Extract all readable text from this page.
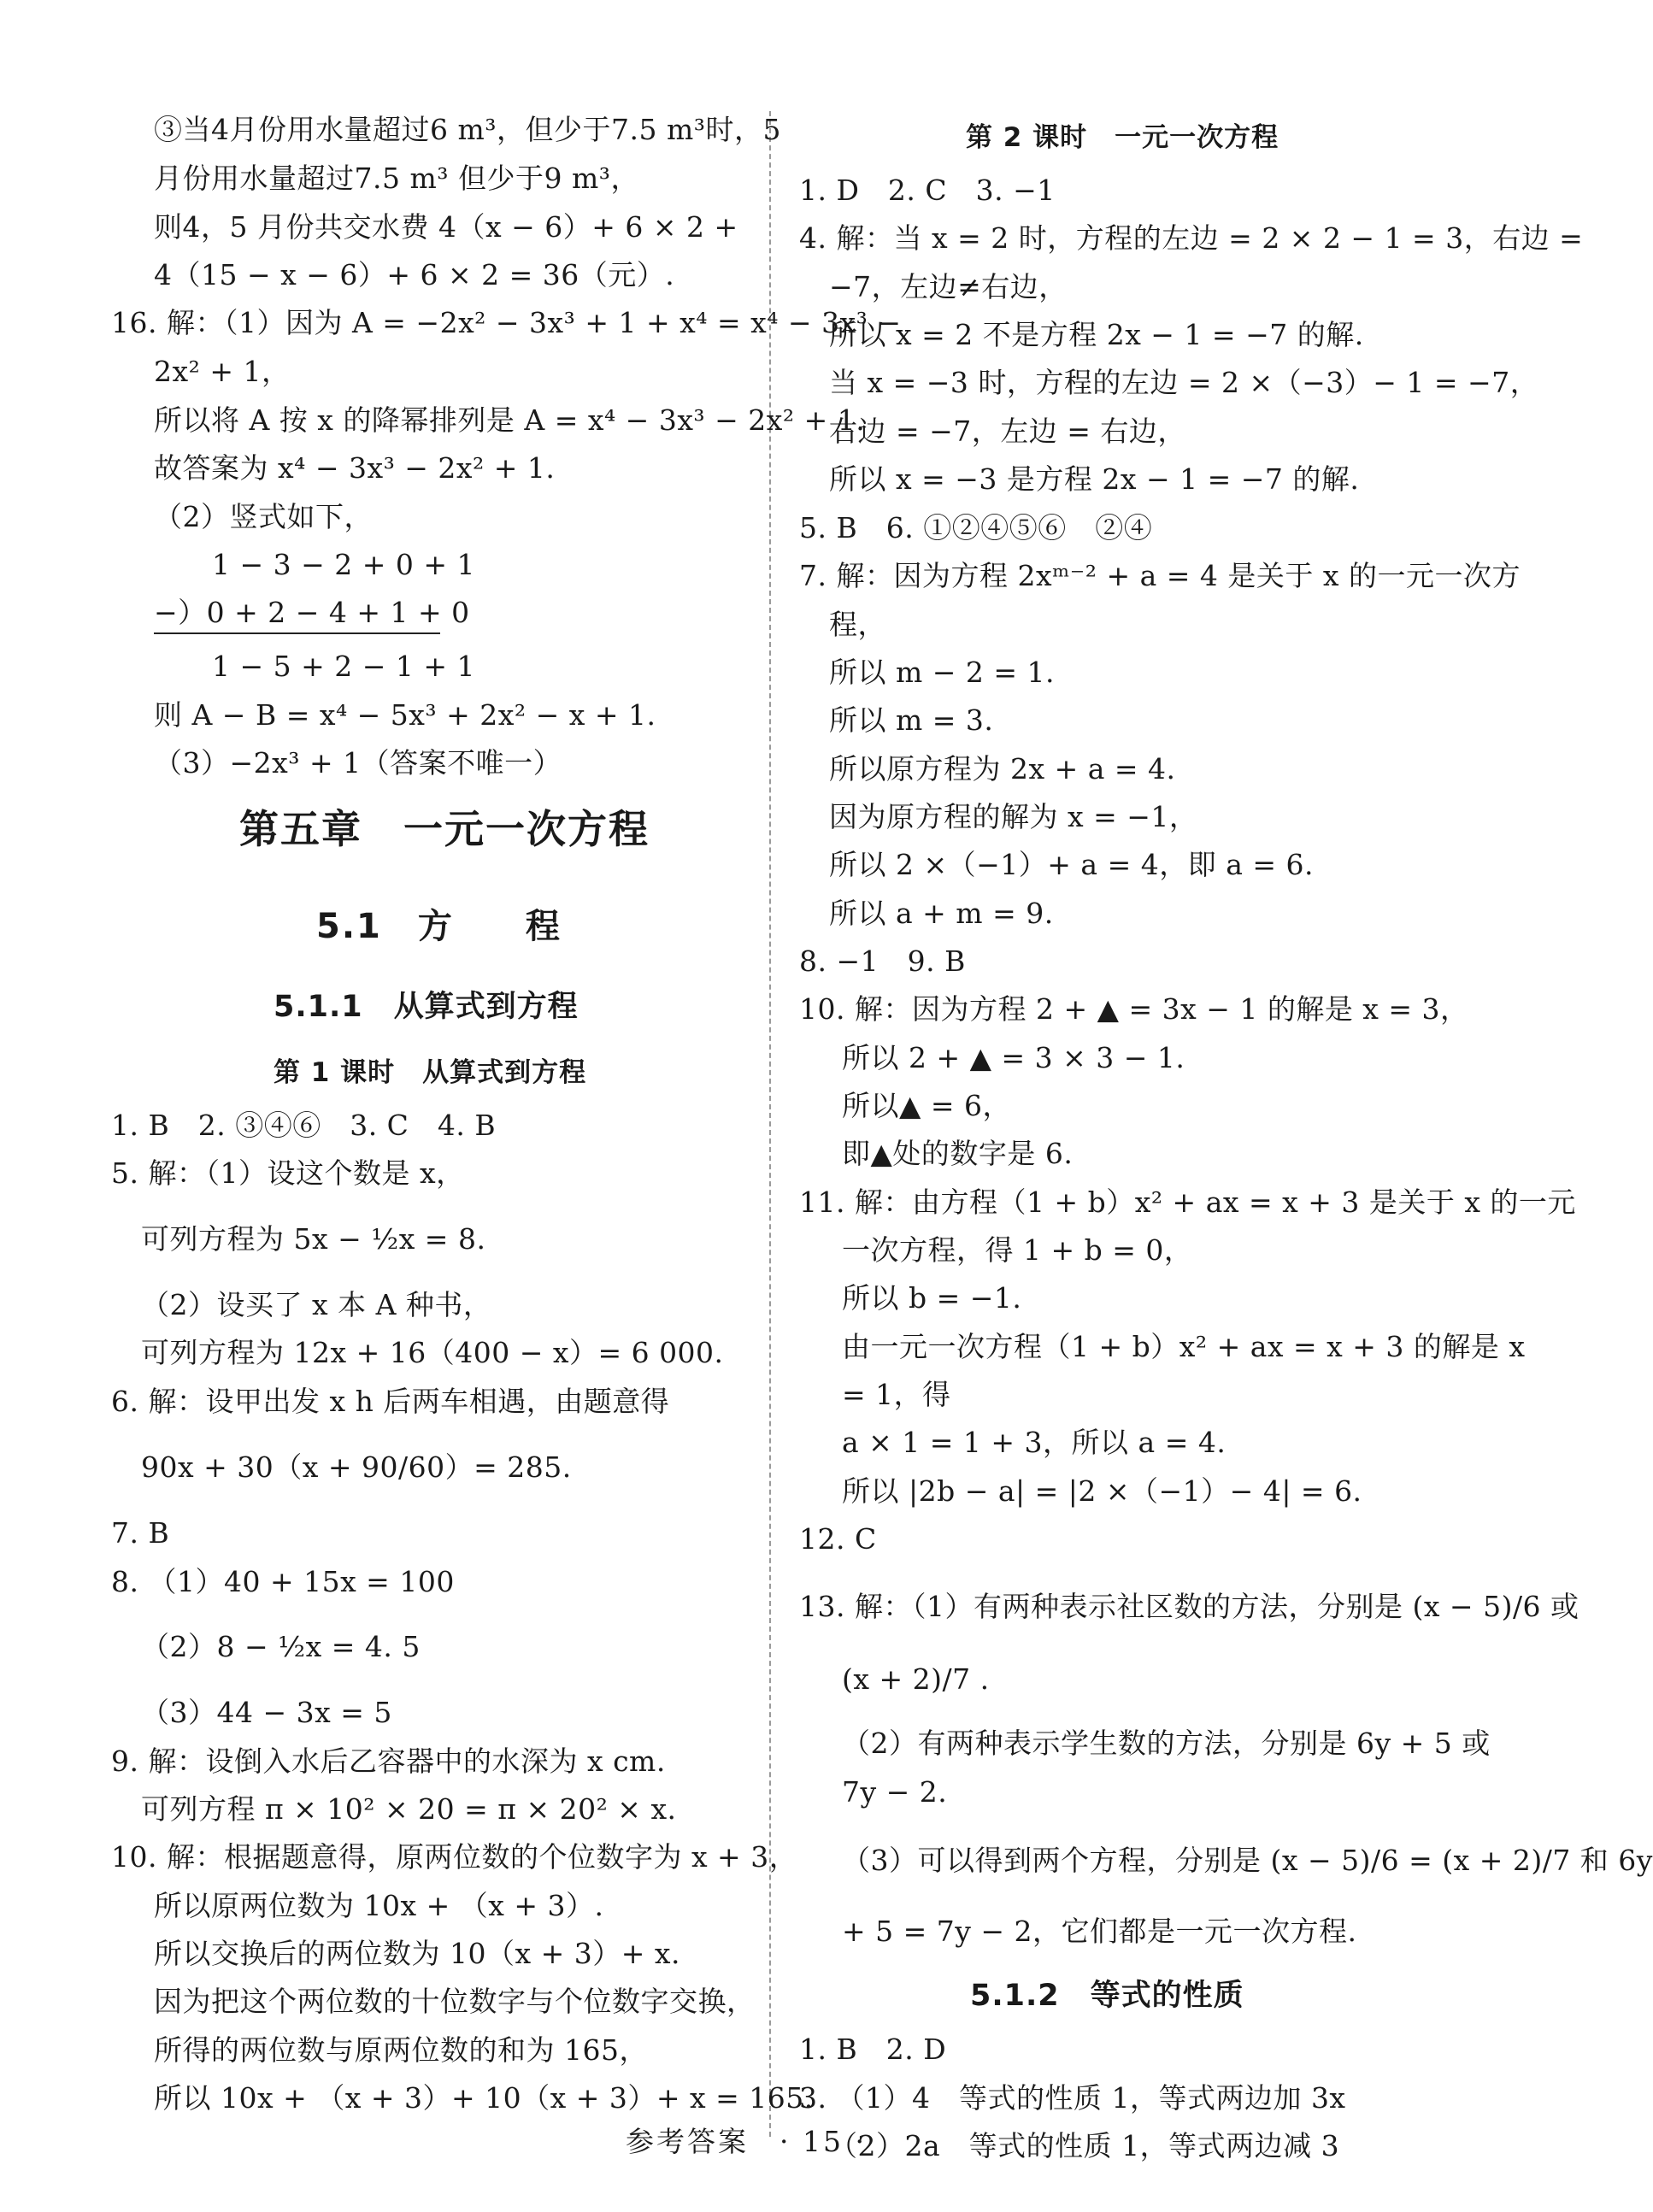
③当4月份用水量超过6 m³，但少于7.5 m³时，5
月份用水量超过7.5 m³ 但少于9 m³，
则4，5 月份共交水费 4（x − 6）+ 6 × 2 +
4（15 − x − 6）+ 6 × 2 = 36（元）.
16. 解：（1）因为 A = −2x² − 3x³ + 1 + x⁴ = x⁴ − 3x³ −
2x² + 1，
所以将 A 按 x 的降幂排列是 A = x⁴ − 3x³ − 2x² + 1.
故答案为 x⁴ − 3x³ − 2x² + 1.
（2）竖式如下，
1 − 3 − 2 + 0 + 1
−）0 + 2 − 4 + 1 + 0
1 − 5 + 2 − 1 + 1
则 A − B = x⁴ − 5x³ + 2x² − x + 1.
（3）−2x³ + 1（答案不唯一）
第五章　一元一次方程
5.1　方　　程
5.1.1　从算式到方程
第 1 课时　从算式到方程
1. B　2. ③④⑥　3. C　4. B
5. 解：（1）设这个数是 x，
可列方程为 5x − ½x = 8.
（2）设买了 x 本 A 种书，
可列方程为 12x + 16（400 − x）= 6 000.
6. 解：设甲出发 x h 后两车相遇，由题意得
90x + 30（x + 90/60）= 285.
7. B
8. （1）40 + 15x = 100
（2）8 − ½x = 4. 5
（3）44 − 3x = 5
9. 解：设倒入水后乙容器中的水深为 x cm.
可列方程 π × 10² × 20 = π × 20² × x.
10. 解：根据题意得，原两位数的个位数字为 x + 3，
所以原两位数为 10x + （x + 3）.
所以交换后的两位数为 10（x + 3）+ x.
因为把这个两位数的十位数字与个位数字交换，
所得的两位数与原两位数的和为 165，
所以 10x + （x + 3）+ 10（x + 3）+ x = 165.
第 2 课时　一元一次方程
1. D　2. C　3. −1
4. 解：当 x = 2 时，方程的左边 = 2 × 2 − 1 = 3，右边 =
−7，左边≠右边，
所以 x = 2 不是方程 2x − 1 = −7 的解.
当 x = −3 时，方程的左边 = 2 ×（−3）− 1 = −7，
右边 = −7，左边 = 右边，
所以 x = −3 是方程 2x − 1 = −7 的解.
5. B　6. ①②④⑤⑥　②④
7. 解：因为方程 2xᵐ⁻² + a = 4 是关于 x 的一元一次方
程，
所以 m − 2 = 1.
所以 m = 3.
所以原方程为 2x + a = 4.
因为原方程的解为 x = −1，
所以 2 ×（−1）+ a = 4，即 a = 6.
所以 a + m = 9.
8. −1　9. B
10. 解：因为方程 2 + ▲ = 3x − 1 的解是 x = 3，
所以 2 + ▲ = 3 × 3 − 1.
所以▲ = 6，
即▲处的数字是 6.
11. 解：由方程（1 + b）x² + ax = x + 3 是关于 x 的一元
一次方程，得 1 + b = 0，
所以 b = −1.
由一元一次方程（1 + b）x² + ax = x + 3 的解是 x
= 1，得
a × 1 = 1 + 3，所以 a = 4.
所以 |2b − a| = |2 ×（−1）− 4| = 6.
12. C
13. 解：（1）有两种表示社区数的方法，分别是 (x − 5)/6 或
(x + 2)/7 .
（2）有两种表示学生数的方法，分别是 6y + 5 或
7y − 2.
（3）可以得到两个方程，分别是 (x − 5)/6 = (x + 2)/7 和 6y
+ 5 = 7y − 2，它们都是一元一次方程.
5.1.2　等式的性质
1. B　2. D
3. （1）4　等式的性质 1，等式两边加 3x
（2）2a　等式的性质 1，等式两边减 3
参考答案　· 15 ·
